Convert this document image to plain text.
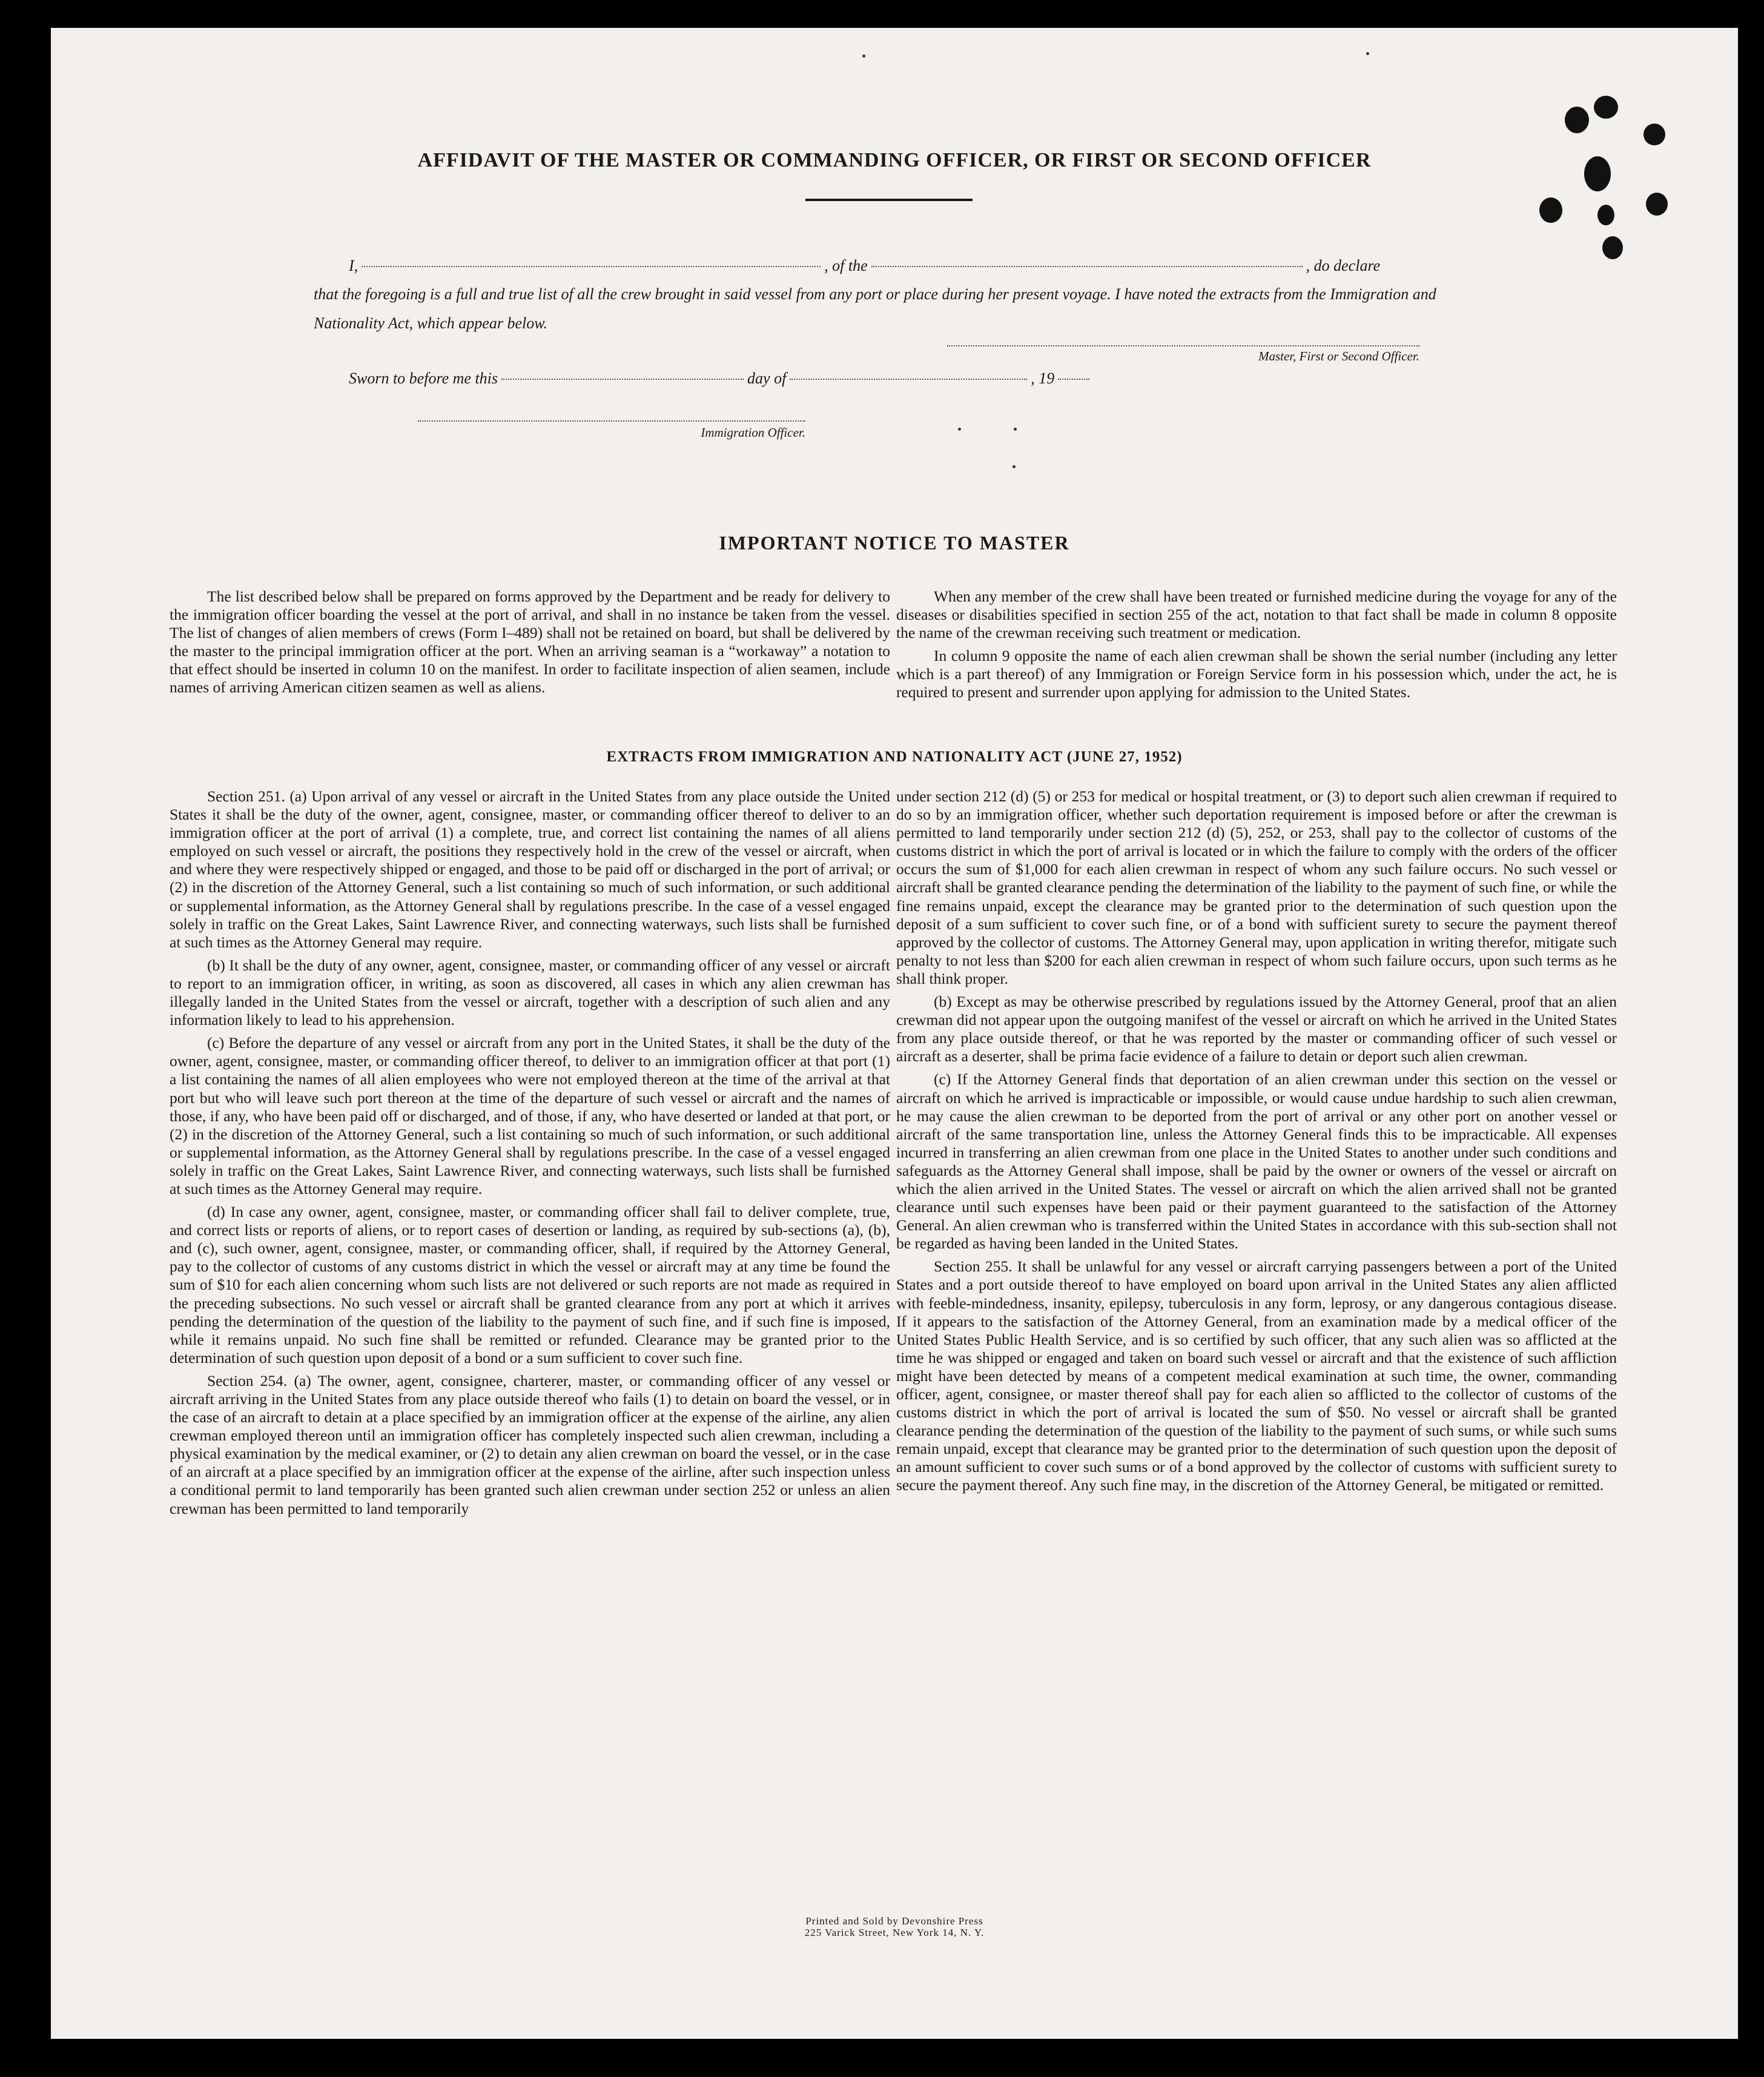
AFFIDAVIT OF THE MASTER OR COMMANDING OFFICER, OR FIRST OR SECOND OFFICER
I,	, of the	, do declare

that the foregoing is a full and true list of all the crew brought in said vessel from any port or place during her present voyage. I have noted the extracts from the Immigration and Nationality Act, which appear below.

Master, First or Second Officer.

Sworn to before me this	day of	, 19

Immigration Officer.

IMPORTANT NOTICE TO MASTER

The list described below shall be prepared on forms approved by the Department and be ready for delivery to the immigration officer boarding the vessel at the port of arrival, and shall in no instance be taken from the vessel. The list of changes of alien members of crews (Form I–489) shall not be retained on board, but shall be delivered by the master to the principal immigration officer at the port. When an arriving seaman is a “workaway” a notation to that effect should be inserted in column 10 on the manifest. In order to facilitate inspection of alien seamen, include names of arriving American citizen seamen as well as aliens.

When any member of the crew shall have been treated or furnished medicine during the voyage for any of the diseases or disabilities specified in section 255 of the act, notation to that fact shall be made in column 8 opposite the name of the crewman receiving such treatment or medication.

In column 9 opposite the name of each alien crewman shall be shown the serial number (including any letter which is a part thereof) of any Immigration or Foreign Service form in his possession which, under the act, he is required to present and surrender upon applying for admission to the United States.

EXTRACTS FROM IMMIGRATION AND NATIONALITY ACT (JUNE 27, 1952)

Section 251. (a) Upon arrival of any vessel or aircraft in the United States from any place outside the United States it shall be the duty of the owner, agent, consignee, master, or commanding officer thereof to deliver to an immigration officer at the port of arrival (1) a complete, true, and correct list containing the names of all aliens employed on such vessel or aircraft, the positions they respectively hold in the crew of the vessel or aircraft, when and where they were respectively shipped or engaged, and those to be paid off or discharged in the port of arrival; or (2) in the discretion of the Attorney General, such a list containing so much of such information, or such additional or supplemental information, as the Attorney General shall by regulations prescribe. In the case of a vessel engaged solely in traffic on the Great Lakes, Saint Lawrence River, and connecting waterways, such lists shall be furnished at such times as the Attorney General may require.

(b) It shall be the duty of any owner, agent, consignee, master, or commanding officer of any vessel or aircraft to report to an immigration officer, in writing, as soon as discovered, all cases in which any alien crewman has illegally landed in the United States from the vessel or aircraft, together with a description of such alien and any information likely to lead to his apprehension.

(c) Before the departure of any vessel or aircraft from any port in the United States, it shall be the duty of the owner, agent, consignee, master, or commanding officer thereof, to deliver to an immigration officer at that port (1) a list containing the names of all alien employees who were not employed thereon at the time of the arrival at that port but who will leave such port thereon at the time of the departure of such vessel or aircraft and the names of those, if any, who have been paid off or discharged, and of those, if any, who have deserted or landed at that port, or (2) in the discretion of the Attorney General, such a list containing so much of such information, or such additional or supplemental information, as the Attorney General shall by regulations prescribe. In the case of a vessel engaged solely in traffic on the Great Lakes, Saint Lawrence River, and connecting waterways, such lists shall be furnished at such times as the Attorney General may require.

(d) In case any owner, agent, consignee, master, or commanding officer shall fail to deliver complete, true, and correct lists or reports of aliens, or to report cases of desertion or landing, as required by sub-sections (a), (b), and (c), such owner, agent, consignee, master, or commanding officer, shall, if required by the Attorney General, pay to the collector of customs of any customs district in which the vessel or aircraft may at any time be found the sum of $10 for each alien concerning whom such lists are not delivered or such reports are not made as required in the preceding subsections. No such vessel or aircraft shall be granted clearance from any port at which it arrives pending the determination of the question of the liability to the payment of such fine, and if such fine is imposed, while it remains unpaid. No such fine shall be remitted or refunded. Clearance may be granted prior to the determination of such question upon deposit of a bond or a sum sufficient to cover such fine.

Section 254. (a) The owner, agent, consignee, charterer, master, or commanding officer of any vessel or aircraft arriving in the United States from any place outside thereof who fails (1) to detain on board the vessel, or in the case of an aircraft to detain at a place specified by an immigration officer at the expense of the airline, any alien crewman employed thereon until an immigration officer has completely inspected such alien crewman, including a physical examination by the medical examiner, or (2) to detain any alien crewman on board the vessel, or in the case of an aircraft at a place specified by an immigration officer at the expense of the airline, after such inspection unless a conditional permit to land temporarily has been granted such alien crewman under section 252 or unless an alien crewman has been permitted to land temporarily

under section 212 (d) (5) or 253 for medical or hospital treatment, or (3) to deport such alien crewman if required to do so by an immigration officer, whether such deportation requirement is imposed before or after the crewman is permitted to land temporarily under section 212 (d) (5), 252, or 253, shall pay to the collector of customs of the customs district in which the port of arrival is located or in which the failure to comply with the orders of the officer occurs the sum of $1,000 for each alien crewman in respect of whom any such failure occurs. No such vessel or aircraft shall be granted clearance pending the determination of the liability to the payment of such fine, or while the fine remains unpaid, except the clearance may be granted prior to the determination of such question upon the deposit of a sum sufficient to cover such fine, or of a bond with sufficient surety to secure the payment thereof approved by the collector of customs. The Attorney General may, upon application in writing therefor, mitigate such penalty to not less than $200 for each alien crewman in respect of whom such failure occurs, upon such terms as he shall think proper.

(b) Except as may be otherwise prescribed by regulations issued by the Attorney General, proof that an alien crewman did not appear upon the outgoing manifest of the vessel or aircraft on which he arrived in the United States from any place outside thereof, or that he was reported by the master or commanding officer of such vessel or aircraft as a deserter, shall be prima facie evidence of a failure to detain or deport such alien crewman.

(c) If the Attorney General finds that deportation of an alien crewman under this section on the vessel or aircraft on which he arrived is impracticable or impossible, or would cause undue hardship to such alien crewman, he may cause the alien crewman to be deported from the port of arrival or any other port on another vessel or aircraft of the same transportation line, unless the Attorney General finds this to be impracticable. All expenses incurred in transferring an alien crewman from one place in the United States to another under such conditions and safeguards as the Attorney General shall impose, shall be paid by the owner or owners of the vessel or aircraft on which the alien arrived in the United States. The vessel or aircraft on which the alien arrived shall not be granted clearance until such expenses have been paid or their payment guaranteed to the satisfaction of the Attorney General. An alien crewman who is transferred within the United States in accordance with this sub-section shall not be regarded as having been landed in the United States.

Section 255. It shall be unlawful for any vessel or aircraft carrying passengers between a port of the United States and a port outside thereof to have employed on board upon arrival in the United States any alien afflicted with feeble-mindedness, insanity, epilepsy, tuberculosis in any form, leprosy, or any dangerous contagious disease. If it appears to the satisfaction of the Attorney General, from an examination made by a medical officer of the United States Public Health Service, and is so certified by such officer, that any such alien was so afflicted at the time he was shipped or engaged and taken on board such vessel or aircraft and that the existence of such affliction might have been detected by means of a competent medical examination at such time, the owner, commanding officer, agent, consignee, or master thereof shall pay for each alien so afflicted to the collector of customs of the customs district in which the port of arrival is located the sum of $50. No vessel or aircraft shall be granted clearance pending the determination of the question of the liability to the payment of such sums, or while such sums remain unpaid, except that clearance may be granted prior to the determination of such question upon the deposit of an amount sufficient to cover such sums or of a bond approved by the collector of customs with sufficient surety to secure the payment thereof. Any such fine may, in the discretion of the Attorney General, be mitigated or remitted.

Printed and Sold by Devonshire Press
225 Varick Street, New York 14, N. Y.
